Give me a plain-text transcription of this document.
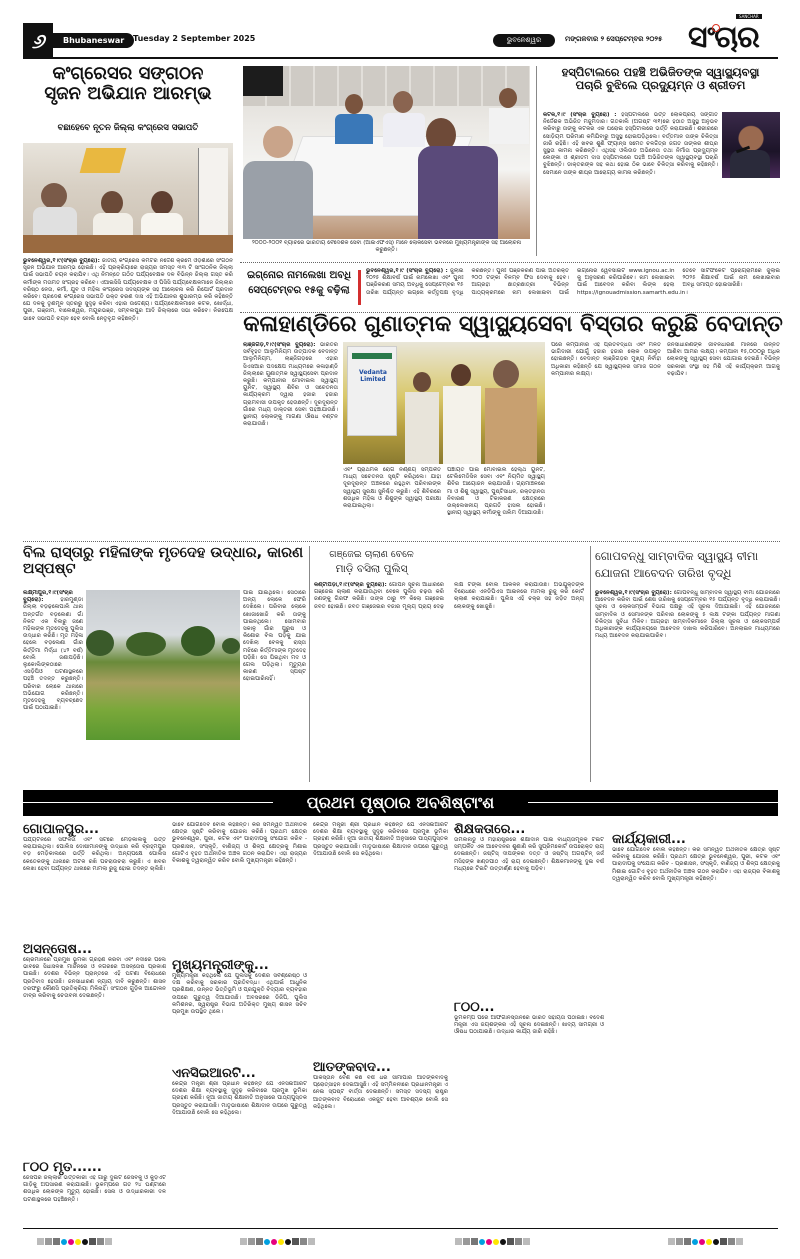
୬	Bhubaneswar	Tuesday 2 September 2025	ଭୁବନେଶ୍ୱର	ମଙ୍ଗଳବାର ୨ ସେପ୍ଟେମ୍ବର ୨୦୨୫ ସଂଚାର
SANCHAR
କଂଗ୍ରେସର ସଙ୍ଗଠନ
ସୃଜନ ଅଭିଯାନ ଆରମ୍ଭ
ବଛାହେବେ ନୂତନ ଜିଲ୍ଲା କଂଗ୍ରେସ ସଭାପତି
ଭୁବନେଶ୍ୱର,୧।୯(ସଂଚାର ବ୍ୟୁରୋ): ଜାତୀୟ କଂଗ୍ରେସ କମିଟିର ନିର୍ଦ୍ଦେଶ କ୍ରମେ ଓଡ଼ିଶାରେ ସଂଗଠନ ସୃଜନ ଅଭିଯାନ ଆରମ୍ଭ ହୋଇଛି। ଏହି ପ୍ରକ୍ରିୟାରେ ରାଜ୍ୟର ସମସ୍ତ ୩୩ ଟି ସାଂଗଠନିକ ଜିଲ୍ଲା ପାଇଁ ସଭାପତି ଚୟନ କରାଯିବ। ଏଥି ନିମନ୍ତେ ଗଠିତ ପର୍ଯ୍ୟବେକ୍ଷକ ଦଳ ବିଭିନ୍ନ ଜିଲ୍ଲା ଗସ୍ତ କରି କର୍ମୀଙ୍କ ମତାମତ ସଂଗ୍ରହ କରିବେ। ଏଆଇସିସି ପର୍ଯ୍ୟବେକ୍ଷକ ଓ ପିସିସି ପର୍ଯ୍ୟବେକ୍ଷକମାନେ ଜିଲ୍ଲାର ବରିଷ୍ଠ ନେତା, କର୍ମୀ, ଯୁବ ଓ ମହିଳା କଂଗ୍ରେସ ସଦସ୍ୟଙ୍କ ସହ ଆଲୋଚନା କରି ରିପୋର୍ଟ ପ୍ରଦାନ କରିବେ। ପ୍ରଦେଶ କଂଗ୍ରେସ ସଭାପତି ଭକ୍ତ ଚରଣ ଦାସ ଏହି ଅଭିଯାନର ଶୁଭାରମ୍ଭ କରି କହିଛନ୍ତି ଯେ ଦଳକୁ ତୃଣମୂଳ ସ୍ତରରୁ ସୁଦୃଢ଼ କରିବା ଏହାର ଉଦ୍ଦେଶ୍ୟ। ପର୍ଯ୍ୟବେକ୍ଷକମାନେ କଟକ, ଖୋର୍ଦ୍ଧା, ପୁରୀ, ଗଞ୍ଜାମ, ବାଲେଶ୍ୱର, ମୟୂରଭଞ୍ଜ, ସମ୍ବଲପୁର ଆଦି ଜିଲ୍ଲାରେ ସଭା କରିବେ। ନିରପେକ୍ଷ ଭାବେ ସଭାପତି ଚୟନ ହେବ ବୋଲି ନେତୃବୃନ୍ଦ କହିଛନ୍ତି।
୨୦୦୦-୨୦୦୧ ବ୍ୟାଚରେ ଭାରତୀୟ ବୈଦେଶିକ ସେବା (ଆଇଏଫଏସ୍) ମାନେ ଲୋକସେବା ଭବନରେ ମୁଖ୍ୟମନ୍ତ୍ରୀଙ୍କ ସହ ଆଲୋଚନା କରୁଛନ୍ତି।
ହସ୍ପିଟାଲରେ ପହଞ୍ଚି ଅଭିଜିତଙ୍କ ସ୍ୱାସ୍ଥ୍ୟବସ୍ଥା
ପଚାରି ବୁଝିଲେ ପ୍ରଦ୍ୟୁମ୍ନ ଓ ଶ୍ରୀତମ
କଟକ,୧।୯ (ସଂଚାର ବ୍ୟୁରୋ) : ହସ୍ପିଟାଲରେ ଭର୍ତ୍ତି ଲୋକପ୍ରିୟ ସଙ୍ଗୀତ ନିର୍ଦ୍ଦେଶକ ଅଭିଜିତ ମଜୁମଦାର। ଗତକାଲି (ଅଗଷ୍ଟ ୩୧)ରେ ହଠାତ ଅସୁସ୍ଥ ଅନୁଭବ କରିବାରୁ ତାଙ୍କୁ କଟକର ଏକ ଘରୋଇ ହସ୍ପିଟାଲରେ ଭର୍ତ୍ତି କରାଯାଇଛି। ଶରୀରରେ ସୋଡ଼ିୟମ ପରିମାଣ କମିଯିବାରୁ ଅସୁସ୍ଥ ହୋଇପଡ଼ିଥିଲେ। ବର୍ତ୍ତମାନ ତାଙ୍କ ଚିକିତ୍ସା ଜାରି ରହିଛି। ଏହି ଖବର ଶୁଣି ଫ୍ୟାନ୍ସ ସମେତ ଚଳଚ୍ଚିତ୍ର ଜଗତ ତାଙ୍କର ଶୀଘ୍ର ସୁସ୍ଥତା କାମନା କରିଛନ୍ତି। ଏଥିସହ ଓଲିଉଡ ଅଭିନେତା ତଥା ନିର୍ମାତା ପ୍ରଦ୍ୟୁମ୍ନ ଲେଙ୍କା ଓ ଶ୍ରୀତମ ଦାସ ହସ୍ପିଟାଲରେ ପହଞ୍ଚି ଅଭିଜିତଙ୍କ ସ୍ୱାସ୍ଥ୍ୟବସ୍ଥା ପଚାରି ବୁଝିଛନ୍ତି। ଡାକ୍ତରଙ୍କ ସହ କଥା ହୋଇ ଠିକ ଭାବେ ଚିକିତ୍ସା କରିବାକୁ କହିଛନ୍ତି। ସେମାନେ ତାଙ୍କ ଶୀଘ୍ର ଆରୋଗ୍ୟ କାମନା କରିଛନ୍ତି।
ଇଗ୍ନୋର ନାମଲେଖା ଅବଧି
ସେପ୍ଟେମ୍ବର ୧୫କୁ ବଢ଼ିଲା
ଭୁବନେଶ୍ୱର,୧।୯ (ସଂଚାର ବ୍ୟୁରୋ) : ଜୁଲାଇ ୨୦୨୫ ଶିକ୍ଷାବର୍ଷ ପାଇଁ ନାମଲେଖା ଏବଂ ପୁନଃ ପଞ୍ଜିକରଣ ସମୟ ଅବଧିକୁ ସେପ୍ଟେମ୍ବର ୧୫ ତାରିଖ ପର୍ଯ୍ୟନ୍ତ ଇଗ୍ନୋ କର୍ତ୍ତୃପକ୍ଷ ବୃଦ୍ଧି କରିଛନ୍ତି। ପୁନଃ ପଞ୍ଜିକରଣ ପାଇଁ ଅତିରିକ୍ତ ୨୦୦ ଟଙ୍କା ବିଳମ୍ବ ଫିସ ଦେବାକୁ ହେବ। ଆଗ୍ରହୀ ଛାତ୍ରଛାତ୍ରୀ ବିଭିନ୍ନ ପାଠ୍ୟକ୍ରମରେ ନାମ ଲେଖାଇବା ପାଇଁ ଇଗ୍ନୋର ୱେବସାଇଟ www.ignou.ac.in କୁ ଅନୁସରଣ କରିପାରିବେ। ନାମ ଲେଖାଇବା ପାଇଁ ଆବେଦନ କରିବା ଲିଙ୍କ ହେଲା https://ignouadmission.samarth.edu.in। ତେବେ ସାର୍ଟିଫିକେଟ ପ୍ରୋଗ୍ରାମରେ ଜୁଲାଇ ୨୦୨୫ ଶିକ୍ଷାବର୍ଷ ପାଇଁ ନାମ ଲେଖାଇବାର ଅବଧି ସମାପ୍ତ ହୋଇସାରିଛି।
କଳାହାଣ୍ଡିରେ ଗୁଣାତ୍ମକ ସ୍ୱାସ୍ଥ୍ୟସେବା ବିସ୍ତାର କରୁଛି ବେଦାନ୍ତ
ଲାଞ୍ଜିଗଡ଼,୧।୯(ସଂଚାର ବ୍ୟୁରୋ): ଭାରତର ସର୍ବବୃହତ ଆଲୁମିନିୟମ ଉତ୍ପାଦକ ବେଦାନ୍ତ ଆଲୁମିନିୟମ, ଲାଞ୍ଜିଗଡ଼ରେ ଏହାର ସିଏସଆର ପଦକ୍ଷେପ ମାଧ୍ୟମରେ କଳାହାଣ୍ଡି ଜିଲ୍ଲାରେ ଗୁଣାତ୍ମକ ସ୍ୱାସ୍ଥ୍ୟସେବା ପ୍ରଦାନ କରୁଛି। କମ୍ପାନୀର ମୋବାଇଲ ସ୍ୱାସ୍ଥ୍ୟ ୟୁନିଟ, ସ୍ୱାସ୍ଥ୍ୟ ଶିବିର ଓ ସଚେତନତା କାର୍ଯ୍ୟକ୍ରମ ଦ୍ୱାରା ହଜାର ହଜାର ଗ୍ରାମବାସୀ ଉପକୃତ ହେଉଛନ୍ତି। ଦୂରଦୂରାନ୍ତ ଗାଁରେ ମଧ୍ୟ ଡାକ୍ତରୀ ସେବା ପହଞ୍ଚାଯାଉଛି। ସ୍ଥାନୀୟ ଲୋକଙ୍କୁ ମାଗଣା ଔଷଧ ବଣ୍ଟନ କରାଯାଉଛି।
Vedanta Limited
ଏବଂ ପ୍ରାଥମିକ ରୋଗ ନିର୍ଣ୍ଣୟ ସମ୍ପର୍କିତ ମାଧ୍ୟ ସଚେତନତା ସୃଷ୍ଟି କରିଥିଲେ। ଯାହା ଦୂରଦୂରାନ୍ତ ଅଞ୍ଚଳରେ ରହୁଥିବା ପରିବାରଙ୍କ ସ୍ୱାସ୍ଥ୍ୟ ସୁରକ୍ଷା ସୁନିଶ୍ଚିତ କରୁଛି। ଏହି ଶିବିରରେ ଶତାଧିକ ମହିଳା ଓ ଶିଶୁଙ୍କ ସ୍ୱାସ୍ଥ୍ୟ ପରୀକ୍ଷା କରାଯାଇଥିଲା।
ପଞ୍ଚାୟତ ପାଇଁ ମୋବାଇଲ ହେଲ୍ଥ ୟୁନିଟ, ଟେଲିମେଡିସିନ ସେବା ଏବଂ ନିୟମିତ ସ୍ୱାସ୍ଥ୍ୟ ଶିବିର ଆୟୋଜନ କରାଯାଉଛି। ଗ୍ରାମାଞ୍ଚଳରେ ମା ଓ ଶିଶୁ ସ୍ୱାସ୍ଥ୍ୟ, ପୁଷ୍ଟିସାଧନ, ରକ୍ତହୀନତା ନିବାରଣ ଓ ଟିକାକରଣ କ୍ଷେତ୍ରରେ ଉଲ୍ଲେଖନୀୟ ପ୍ରଗତି ହାସଲ ହୋଇଛି। ସ୍ଥାନୀୟ ସ୍ୱାସ୍ଥ୍ୟ କର୍ମୀଙ୍କୁ ତାଲିମ ଦିଆଯାଉଛି।
ପରେ କମ୍ପାନୀର ଏହି ପ୍ରତିବଦ୍ଧତା ଏବଂ ମିଳିତ ଭାଗିଦାରୀ ଯୋଗୁଁ ହଜାର ହଜାର ଲୋକ ଉପକୃତ ହୋଇଛନ୍ତି। ବେଦାନ୍ତ ଲାଞ୍ଜିଗଡ଼ର ମୁଖ୍ୟ ନିର୍ବାହୀ ଅଧିକାରୀ କହିଛନ୍ତି ଯେ ସ୍ୱାସ୍ଥ୍ୟକର ସମାଜ ଗଠନ କମ୍ପାନୀର ଲକ୍ଷ୍ୟ।
ଜନସାଧାରଣଙ୍କ ଜୀବନଧାରଣ ମାନରେ ଉନ୍ନତି ଆଣିବା ଆମର ଲକ୍ଷ୍ୟ। କମ୍ପାନୀ ୧୫,୦୦୦ରୁ ଅଧିକ ଲୋକଙ୍କୁ ସ୍ୱାସ୍ଥ୍ୟ ସେବା ଯୋଗାଇ ଦେଇଛି। ବିଭିନ୍ନ ସରକାରୀ ସଂସ୍ଥା ସହ ମିଶି ଏହି କାର୍ଯ୍ୟକ୍ରମ ଆଗକୁ ବଢ଼ାଯିବ।
ବିଲ ରାସ୍ତାରୁ ମହିଳାଙ୍କ ମୃତଦେହ ଉଦ୍ଧାର, କାରଣ ଅସ୍ପଷ୍ଟ
ଲକ୍ଷ୍ମୀପୁର,୧।୯(ସଂଚାର ବ୍ୟୁରୋ):	ହାରମୁଣ୍ଡା ଜିଲ୍ଲା ବଡ଼ଢ଼ଳୋପାଲି ଥାନା ଅନ୍ତର୍ଗତ ବଡ଼ଲେଣା ଗାଁ ନିକଟ ଏକ ବିଲରୁ ଜଣେ ମହିଳାଙ୍କ ମୃତଦେହକୁ ପୁଲିସ ଉଦ୍ଧାର କରିଛି। ମୃତ ମହିଳା ହେଲେ ବଡ଼ଲେଣା ଗାଁର କିର୍ତ୍ତିମା ମିର୍ଦ୍ଧା (୪୨ ବର୍ଷ) ବୋଲି ଜଣାପଡ଼ିଛି। ଲୁକୋଲିଙ୍କଠାରେ ଏସଡ଼ିପିଓ ଘଟଣାସ୍ଥଳରେ ପହଞ୍ଚି ତଦନ୍ତ କରୁଛନ୍ତି। ପରିବାର ଲୋକେ ଥାନାରେ ଅଭିଯୋଗ କରିଛନ୍ତି। ମୃତଦେହକୁ ବ୍ୟବଚ୍ଛେଦ ପାଇଁ ପଠାଯାଇଛି।
ପାଇଁ ଯାଇଥିଲେ। ସେଠାରେ ଅନ୍ୟ ଲୋକେ ଫେରି ଦେଖିଲେ। ପରିବାର ଲୋକେ ଖୋଜାଖୋଜି କରି ତାଙ୍କୁ ପାଇନଥିଲେ। ସୋମବାର ସକାଳୁ ଗାଁର ପୁରୁଷ ଓ କିଶୋର ବିଲ ପଡ଼ିକୁ ଯାଇ ଦେଖିଲା ବେଳକୁ ରାସ୍ତା ମଝିରେ କିର୍ତ୍ତିମାଙ୍କ ମୃତଦେହ ପଡ଼ିଛି। ସେ ପିଇଥିବା ମଦ ଓ ଗେଲ ପଡ଼ିଥିଲା। ମୃତ୍ୟୁର କାରଣ ସ୍ପଷ୍ଟ ହୋଇପାରିନାହିଁ।
ଗଞ୍ଜେଇ ଚାଲାଣ ବେଳେ
ମାଡ଼ି ବସିଲା ପୁଲିସ୍
କଣ୍ଟାପଡ଼ା,୧।୯(ସଂଚାର ବ୍ୟୁରୋ): ଗୋପନ ସୂଚନା ଆଧାରରେ ଗଞ୍ଜେଇ ଚାଲାଣ କରାଯାଉଥିବା ବେଳେ ପୁଲିସ ଚଢ଼ଉ କରି ଜଣଙ୍କୁ ଗିରଫ କରିଛି। ତାଙ୍କ ଠାରୁ ୧୨ କିଲୋ ଗଞ୍ଜେଇ ଜବତ ହୋଇଛି। ଜବତ ଗଞ୍ଜେଇର ବଜାର ମୂଲ୍ୟ ପ୍ରାୟ ଦେଢ଼ ଲକ୍ଷ ଟଙ୍କା ବୋଲି ଆକଳନ କରାଯାଉଛି। ଅଭିଯୁକ୍ତଙ୍କ ବିରୋଧରେ ଏନଡିପିଏସ ଆଇନରେ ମାମଲା ରୁଜୁ କରି କୋର୍ଟ ଚାଲାଣ କରାଯାଇଛି। ପୁଲିସ ଏହି ଚକ୍ର ସହ ଜଡ଼ିତ ଅନ୍ୟ ଲୋକଙ୍କୁ ଖୋଜୁଛି।
ଗୋପବନ୍ଧୁ ସାମ୍ବାଦିକ ସ୍ୱାସ୍ଥ୍ୟ ବୀମା
ଯୋଜନା ଆବେଦନ ତାରିଖ ବୃଦ୍ଧି
ଭୁବନେଶ୍ୱର,୧।୯(ସଂଚାର ବ୍ୟୁରୋ): ଗୋପବନ୍ଧୁ ସାମ୍ବାଦିକ ସ୍ୱାସ୍ଥ୍ୟ ବୀମା ଯୋଜନାରେ ଆବେଦନ କରିବା ପାଇଁ ଶେଷ ତାରିଖକୁ ସେପ୍ଟେମ୍ବର ୧୫ ପର୍ଯ୍ୟନ୍ତ ବୃଦ୍ଧି କରାଯାଇଛି। ସୂଚନା ଓ ଲୋକସମ୍ପର୍କ ବିଭାଗ ପକ୍ଷରୁ ଏହି ସୂଚନା ଦିଆଯାଇଛି। ଏହି ଯୋଜନାରେ ସାମ୍ବାଦିକ ଓ ସେମାନଙ୍କ ପରିବାର ଲୋକଙ୍କୁ ୫ ଲକ୍ଷ ଟଙ୍କା ପର୍ଯ୍ୟନ୍ତ ମାଗଣା ଚିକିତ୍ସା ସୁବିଧା ମିଳିବ। ଆଗ୍ରହୀ ସାମ୍ବାଦିକମାନେ ଜିଲ୍ଲା ସୂଚନା ଓ ଲୋକସମ୍ପର୍କ ଅଧିକାରୀଙ୍କ କାର୍ଯ୍ୟାଳୟରେ ଆବେଦନ ଦାଖଲ କରିପାରିବେ। ଅନଲାଇନ ମାଧ୍ୟମରେ ମଧ୍ୟ ଆବେଦନ କରାଯାଇପାରିବ।
ପ୍ରଥମ ପୃଷ୍ଠାର ଅବଶିଷ୍ଟାଂଶ
ଗୋପାଳପୁର...
ପର୍ଯ୍ୟଟନରେ ସଫଳତା ଏବଂ ସିଟିରେ ମେଡ଼ିକାଲକୁ ଭର୍ତ୍ତି କରାଯାଇଥିଲା। ପୋଲିସ ଦୋଷୀମାନଙ୍କୁ ଉଦ୍ଧାର କରି ବ୍ରହ୍ମପୁର ବଡ଼ ମେଡ଼ିକାଲରେ ଭର୍ତ୍ତି କରିଥିଲା। ଅନ୍ୟପକ୍ଷେ ପୋଲିସ କେତେକଙ୍କୁ ଥାନାରେ ଅଟକ ରଖି ପଚରାଉଚରା କରୁଛି। ଏ ଖବର ଲେଖା ହେବା ପର୍ଯ୍ୟନ୍ତ ଥାନାରେ ମାମଲା ରୁଜୁ ହୋଇ ତଦନ୍ତ ଚାଲିଛି।
ଅସନ୍ତୋଷ...
ଚୋରିମାନରେ ପ୍ରମୁଖ ଭୂମିକା ଗ୍ରହଣ କରିବା ଏବଂ ନଦୀରେ ପିଲେ ଭାବରେ ସିଧାସଳଖ ମାର୍ଜିନରେ ଓ ନଗରରେ ଅସନ୍ତୋଷ ପ୍ରକାଶ ପାଇଛି। ଦେଶର ବିଭିନ୍ନ ପ୍ରାନ୍ତରେ ଏହି ଘଟଣା ବିରୋଧରେ ପ୍ରତିବାଦ ହେଉଛି। ଜନସାଧାରଣ ନ୍ୟାୟ ଦାବି କରୁଛନ୍ତି। ଶାସନ ତରଫରୁ କୌଣସି ପ୍ରତିକ୍ରିୟା ମିଳିନାହିଁ। ସଂଗଠନ ଗୁଡ଼ିକ ଆନ୍ଦୋଳନ ତୀବ୍ର କରିବାକୁ ଚେତାବନୀ ଦେଇଛନ୍ତି।
୮୦୦ ମୃତ......
ଜେସିପିରି ଜିଲ୍ଲାର ଭର୍ତ୍ତିକାରୀ ଏହି ଗାଁରୁ ଦୁଇଟି ଜେସିବିକୁ ଓ କୁଡ଼ିଏଟି ଗାଡ଼ିକୁ ଅପସାରଣ କରାଯାଇଛି। ଭୂକମ୍ପରେ ଗତ ୨୪ ଘଣ୍ଟାରେ ଶତାଧିକ ଲୋକଙ୍କ ମୃତ୍ୟୁ ହୋଇଛି। ସେନା ଓ ଉଦ୍ଧାରକାରୀ ଦଳ ଘଟଣାସ୍ଥଳରେ ପହଞ୍ଚିଛନ୍ତି।
ଭାବେ ଯୋଗଦେବ ବୋଲି କହିଛନ୍ତି। କରି ସମନ୍ୱିତ ଅର୍ଥନୀତିକ କ୍ଷେତ୍ର ସୃଷ୍ଟି କରିବାକୁ ଯୋଜନା କରିଛି। ପ୍ରଥମ କ୍ଷେତ୍ର ଭୁବନେଶ୍ୱର, ପୁରୀ, କଟକ ଏବଂ ପାରାଦୀପକୁ ସଂଯୋଗ କରିବ - ପ୍ରଶାସନ, ସଂସ୍କୃତି, ବାଣିଜ୍ୟ ଓ ଶିଳ୍ପ କ୍ଷେତ୍ରକୁ ମିଶାଇ ଗୋଟିଏ ବୃହତ ଅର୍ଥନୀତିକ ଅଞ୍ଚଳ ଗଠନ କରାଯିବ। ଏହା ରାଜ୍ୟର ବିକାଶକୁ ତ୍ୱରାନ୍ୱିତ କରିବ ବୋଲି ମୁଖ୍ୟମନ୍ତ୍ରୀ କହିଛନ୍ତି।
ମୁଖ୍ୟମନ୍ତ୍ରୀଙ୍କୁ...
ମୁଖ୍ୟମନ୍ତ୍ରୀ କହିଥିଲେ ଯେ ପୁଲିସକୁ ଦେଶର ସର୍ବଶ୍ରେଷ୍ଠ ଓ ଦକ୍ଷ କରିବାକୁ ସରକାର ପ୍ରତିବଦ୍ଧ। ଏଥିପାଇଁ ଆଧୁନିକ ପ୍ରଶିକ୍ଷଣ, ଉନ୍ନତ ଭିତ୍ତିଭୂମି ଓ ପ୍ରଯୁକ୍ତି ବିଦ୍ୟାର ବ୍ୟବହାର ଉପରେ ଗୁରୁତ୍ୱ ଦିଆଯାଉଛି। ଅବସରରେ ଡିଜିପି, ପୁଲିସ କମିଶନର, ସ୍ୱରାଷ୍ଟ୍ର ବିଭାଗ ଅତିରିକ୍ତ ମୁଖ୍ୟ ଶାସନ ସଚିବ ପ୍ରମୁଖ ଉପସ୍ଥିତ ଥିଲେ।
ଏନସିଇଆରଟି...
କେନ୍ଦ୍ର ମନ୍ତ୍ରୀ ଶ୍ରୀ ପ୍ରଧାନ କହିଛନ୍ତି ଯେ ଏନସିଇଆରଟି ଦେଶର ଶିକ୍ଷା ବ୍ୟବସ୍ଥାକୁ ସୁଦୃଢ଼ କରିବାରେ ପ୍ରମୁଖ ଭୂମିକା ଗ୍ରହଣ କରିଛି। ନୂଆ ଜାତୀୟ ଶିକ୍ଷାନୀତି ଅନୁସାରେ ପାଠ୍ୟପୁସ୍ତକ ପ୍ରସ୍ତୁତ କରାଯାଉଛି। ମାତୃଭାଷାରେ ଶିକ୍ଷାଦାନ ଉପରେ ଗୁରୁତ୍ୱ ଦିଆଯାଉଛି ବୋଲି ସେ କହିଥିଲେ।
କେନ୍ଦ୍ର ମନ୍ତ୍ରୀ ଶ୍ରୀ ପ୍ରଧାନ କହିଛନ୍ତି ଯେ ଏନସିଇଆରଟି ଦେଶର ଶିକ୍ଷା ବ୍ୟବସ୍ଥାକୁ ସୁଦୃଢ଼ କରିବାରେ ପ୍ରମୁଖ ଭୂମିକା ଗ୍ରହଣ କରିଛି। ନୂଆ ଜାତୀୟ ଶିକ୍ଷାନୀତି ଅନୁସାରେ ପାଠ୍ୟପୁସ୍ତକ ପ୍ରସ୍ତୁତ କରାଯାଉଛି। ମାତୃଭାଷାରେ ଶିକ୍ଷାଦାନ ଉପରେ ଗୁରୁତ୍ୱ ଦିଆଯାଉଛି ବୋଲି ସେ କହିଥିଲେ।
ଆତଙ୍କବାଦ...
ପାକିସ୍ତାନ ବେଶ କିଛି ବର୍ଷ ଧରି ସୀମାପାର ଆତଙ୍କବାଦକୁ ପ୍ରୋତ୍ସାହନ ଦେଇଆସୁଛି। ଏହି ସମ୍ମିଳନୀରେ ପ୍ରଧାନମନ୍ତ୍ରୀ ଏ ନେଇ ସ୍ପଷ୍ଟ ବାର୍ତ୍ତା ଦେଇଛନ୍ତି। ସମସ୍ତ ସଦସ୍ୟ ରାଷ୍ଟ୍ର ଆତଙ୍କବାଦ ବିରୋଧରେ ଏକଜୁଟ ହେବା ଆବଶ୍ୟକ ବୋଲି ସେ କହିଥିଲେ।
ଶିକ୍ଷକତାରେ...
ତାମିଲନାଡୁ ଓ ମହାରାଷ୍ଟ୍ରରେ ଶିକ୍ଷାଦାନ ପାଇଁ ବାଧ୍ୟତାମୂଳକ ଟିଇଟି ସମ୍ପର୍କିତ ଏକ ଆବେଦନର ଶୁଣାଣି କରି ସୁପ୍ରିମକୋର୍ଟ ଉପରୋକ୍ତ ରାୟ ଦେଇଛନ୍ତି। ଜଷ୍ଟିସ୍ ଦୀପଙ୍କର ଦତ୍ତ ଓ ଜଷ୍ଟିସ୍ ଅଗଷ୍ଟିନ୍ ଜର୍ଜ ମସିହଙ୍କ ଖଣ୍ଡପୀଠ ଏହି ରାୟ ଦେଇଛନ୍ତି। ଶିକ୍ଷକମାନଙ୍କୁ ଦୁଇ ବର୍ଷ ମଧ୍ୟରେ ଟିଇଟି ଉତ୍ତୀର୍ଣ୍ଣ ହେବାକୁ ପଡ଼ିବ।
୮୦୦...
ଭୂମିକମ୍ପ ପରେ ଆଫଗାନିସ୍ତାନରେ ଭାରତ ସହାୟତା ପଠାଇଛି। ବିଦେଶ ମନ୍ତ୍ରୀ ଏସ ଜୟଶଙ୍କର ଏହି ସୂଚନା ଦେଇଛନ୍ତି। ଖାଦ୍ୟ ସାମଗ୍ରୀ ଓ ଔଷଧ ପଠାଯାଇଛି। ଉଦ୍ଧାର କାର୍ଯ୍ୟ ଜାରି ରହିଛି।
କାର୍ଯ୍ୟକାରୀ...
ଭାବେ ଯୋଗଦେବ ବୋଲି କହିଛନ୍ତି। କରି ସମନ୍ୱିତ ଅର୍ଥନୀତିକ କ୍ଷେତ୍ର ସୃଷ୍ଟି କରିବାକୁ ଯୋଜନା କରିଛି। ପ୍ରଥମ କ୍ଷେତ୍ର ଭୁବନେଶ୍ୱର, ପୁରୀ, କଟକ ଏବଂ ପାରାଦୀପକୁ ସଂଯୋଗ କରିବ - ପ୍ରଶାସନ, ସଂସ୍କୃତି, ବାଣିଜ୍ୟ ଓ ଶିଳ୍ପ କ୍ଷେତ୍ରକୁ ମିଶାଇ ଗୋଟିଏ ବୃହତ ଅର୍ଥନୀତିକ ଅଞ୍ଚଳ ଗଠନ କରାଯିବ। ଏହା ରାଜ୍ୟର ବିକାଶକୁ ତ୍ୱରାନ୍ୱିତ କରିବ ବୋଲି ମୁଖ୍ୟମନ୍ତ୍ରୀ କହିଛନ୍ତି।
